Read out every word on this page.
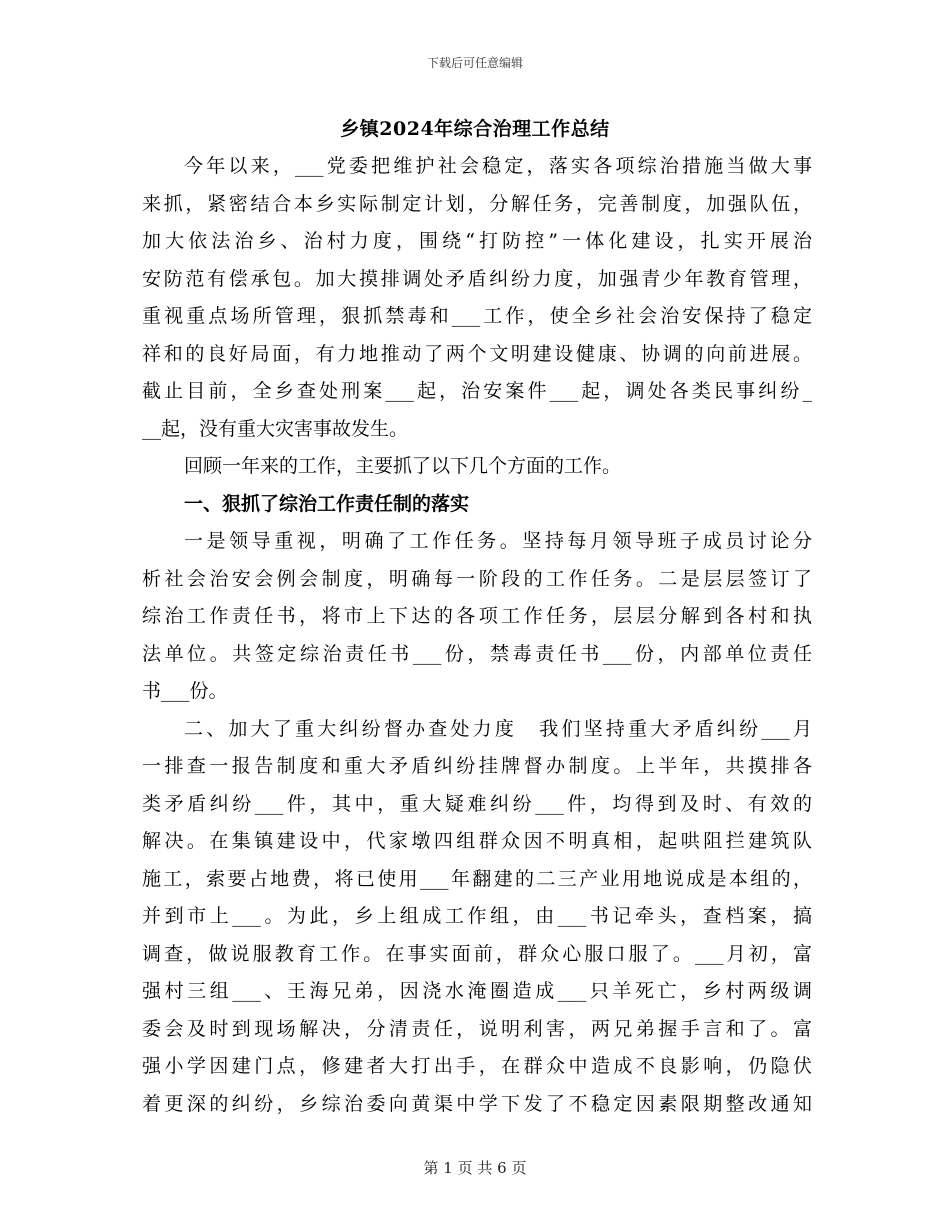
下载后可任意编辑
乡镇2024年综合治理工作总结
今年以来，___党委把维护社会稳定，落实各项综治措施当做大事
来抓，紧密结合本乡实际制定计划，分解任务，完善制度，加强队伍，
加大依法治乡、治村力度，围绕“打防控”一体化建设，扎实开展治
安防范有偿承包。加大摸排调处矛盾纠纷力度，加强青少年教育管理，
重视重点场所管理，狠抓禁毒和___工作，使全乡社会治安保持了稳定
祥和的良好局面，有力地推动了两个文明建设健康、协调的向前进展。
截止目前，全乡查处刑案___起，治安案件___起，调处各类民事纠纷_
__起，没有重大灾害事故发生。
回顾一年来的工作，主要抓了以下几个方面的工作。
一、狠抓了综治工作责任制的落实
一是领导重视，明确了工作任务。坚持每月领导班子成员讨论分
析社会治安会例会制度，明确每一阶段的工作任务。二是层层签订了
综治工作责任书，将市上下达的各项工作任务，层层分解到各村和执
法单位。共签定综治责任书___份，禁毒责任书___份，内部单位责任
书___份。
二、加大了重大纠纷督办查处力度　我们坚持重大矛盾纠纷___月
一排查一报告制度和重大矛盾纠纷挂牌督办制度。上半年，共摸排各
类矛盾纠纷___件，其中，重大疑难纠纷___件，均得到及时、有效的
解决。在集镇建设中，代家墩四组群众因不明真相，起哄阻拦建筑队
施工，索要占地费，将已使用___年翻建的二三产业用地说成是本组的，
并到市上___。为此，乡上组成工作组，由___书记牵头，查档案，搞
调查，做说服教育工作。在事实面前，群众心服口服了。___月初，富
强村三组___、王海兄弟，因浇水淹圈造成___只羊死亡，乡村两级调
委会及时到现场解决，分清责任，说明利害，两兄弟握手言和了。富
强小学因建门点，修建者大打出手，在群众中造成不良影响，仍隐伏
着更深的纠纷，乡综治委向黄渠中学下发了不稳定因素限期整改通知
第 1 页 共 6 页
